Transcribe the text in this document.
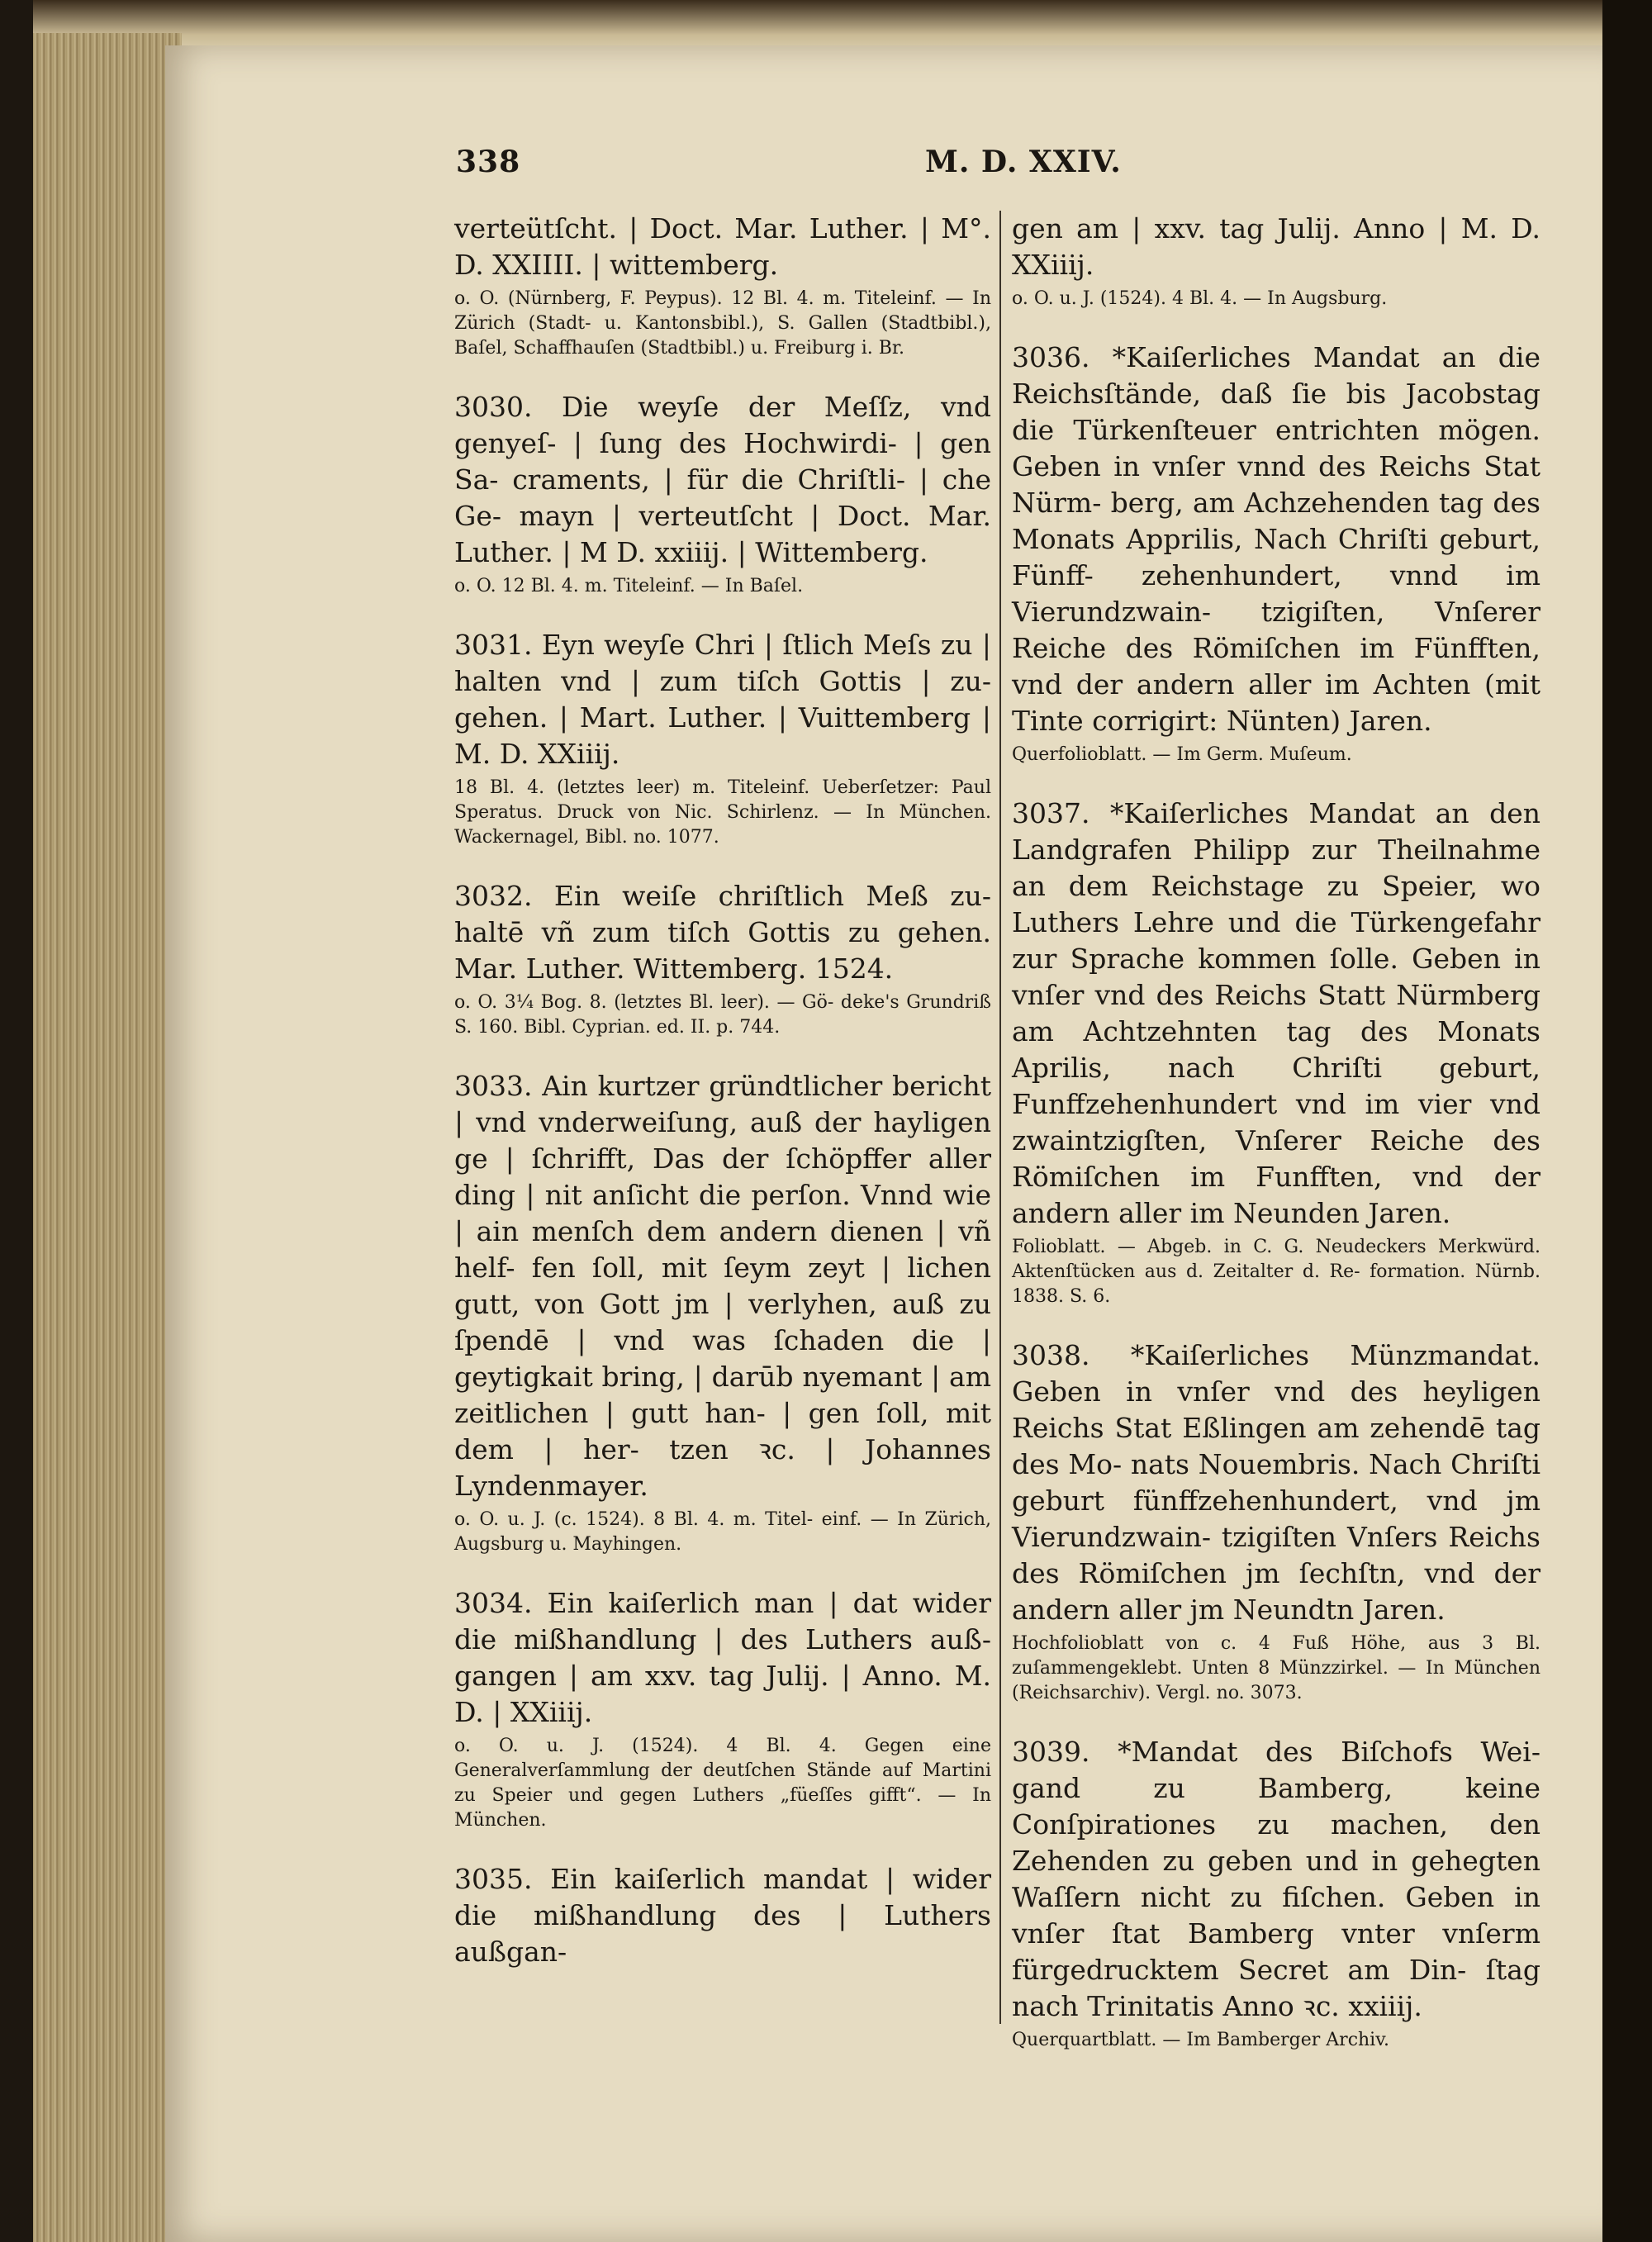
338	M. D. XXIV.

verteütſcht. | Doct. Mar. Luther. | M°. D. XXIIII. | wittemberg.

o. O. (Nürnberg, F. Peypus). 12 Bl. 4. m. Titeleinf. — In Zürich (Stadt- u. Kantonsbibl.), S. Gallen (Stadtbibl.), Baſel, Schaffhauſen (Stadtbibl.) u. Freiburg i. Br.

3030. Die weyſe der Meſſz, vnd genyeſ- | ſung des Hochwirdi- | gen Sa- craments, | für die Chriſtli- | che Ge- mayn | verteutſcht | Doct. Mar. Luther. | M D. xxiiij. | Wittemberg.

o. O. 12 Bl. 4. m. Titeleinf. — In Baſel.

3031. Eyn weyſe Chri | ſtlich Meſs zu | halten vnd | zum tiſch Gottis | zu- gehen. | Mart. Luther. | Vuittemberg | M. D. XXiiij.

18 Bl. 4. (letztes leer) m. Titeleinf. Ueberſetzer: Paul Speratus. Druck von Nic. Schirlenz. — In München. Wackernagel, Bibl. no. 1077.

3032. Ein weiſe chriſtlich Meß zu- haltē vñ zum tiſch Gottis zu gehen. Mar. Luther. Wittemberg. 1524.

o. O. 3¼ Bog. 8. (letztes Bl. leer). — Gö- deke's Grundriß S. 160. Bibl. Cyprian. ed. II. p. 744.

3033. Ain kurtzer gründtlicher bericht | vnd vnderweiſung, auß der hayligen ge | ſchrifft, Das der ſchöpffer aller ding | nit anſicht die perſon. Vnnd wie | ain menſch dem andern dienen | vñ helf- fen ſoll, mit ſeym zeyt | lichen gutt, von Gott jm | verlyhen, auß zu ſpendē | vnd was ſchaden die | geytigkait bring, | darūb nyemant | am zeitlichen | gutt han- | gen ſoll, mit dem | her- tzen ꝛc. | Johannes Lyndenmayer.

o. O. u. J. (c. 1524). 8 Bl. 4. m. Titel- einf. — In Zürich, Augsburg u. Mayhingen.

3034. Ein kaiſerlich man | dat wider die mißhandlung | des Luthers auß- gangen | am xxv. tag Julij. | Anno. M. D. | XXiiij.

o. O. u. J. (1524). 4 Bl. 4. Gegen eine Generalverſammlung der deutſchen Stände auf Martini zu Speier und gegen Luthers „füeſſes gifft“. — In München.

3035. Ein kaiſerlich mandat | wider die mißhandlung des | Luthers außgan-

gen am | xxv. tag Julij. Anno | M. D. XXiiij.

o. O. u. J. (1524). 4 Bl. 4. — In Augsburg.

3036. *Kaiſerliches Mandat an die Reichsſtände, daß ſie bis Jacobstag die Türkenſteuer entrichten mögen. Geben in vnſer vnnd des Reichs Stat Nürm- berg, am Achzehenden tag des Monats Apprilis, Nach Chriſti geburt, Fünff- zehenhundert, vnnd im Vierundzwain- tzigiſten, Vnſerer Reiche des Römiſchen im Fünfften, vnd der andern aller im Achten (mit Tinte corrigirt: Nünten) Jaren.

Querfolioblatt. — Im Germ. Muſeum.

3037. *Kaiſerliches Mandat an den Landgrafen Philipp zur Theilnahme an dem Reichstage zu Speier, wo Luthers Lehre und die Türkengefahr zur Sprache kommen ſolle. Geben in vnſer vnd des Reichs Statt Nürmberg am Achtzehnten tag des Monats Aprilis, nach Chriſti geburt, Funffzehenhundert vnd im vier vnd zwaintzigſten, Vnſerer Reiche des Römiſchen im Funfften, vnd der andern aller im Neunden Jaren.

Folioblatt. — Abgeb. in C. G. Neudeckers Merkwürd. Aktenſtücken aus d. Zeitalter d. Re- formation. Nürnb. 1838. S. 6.

3038. *Kaiſerliches Münzmandat. Geben in vnſer vnd des heyligen Reichs Stat Eßlingen am zehendē tag des Mo- nats Nouembris. Nach Chriſti geburt fünffzehenhundert, vnd jm Vierundzwain- tzigiſten Vnſers Reichs des Römiſchen jm ſechſtn, vnd der andern aller jm Neundtn Jaren.

Hochfolioblatt von c. 4 Fuß Höhe, aus 3 Bl. zuſammengeklebt. Unten 8 Münzzirkel. — In München (Reichsarchiv). Vergl. no. 3073.

3039. *Mandat des Biſchofs Wei- gand zu Bamberg, keine Conſpirationes zu machen, den Zehenden zu geben und in gehegten Waſſern nicht zu fiſchen. Geben in vnſer ſtat Bamberg vnter vnſerm fürgedrucktem Secret am Din- ſtag nach Trinitatis Anno ꝛc. xxiiij.

Querquartblatt. — Im Bamberger Archiv.
